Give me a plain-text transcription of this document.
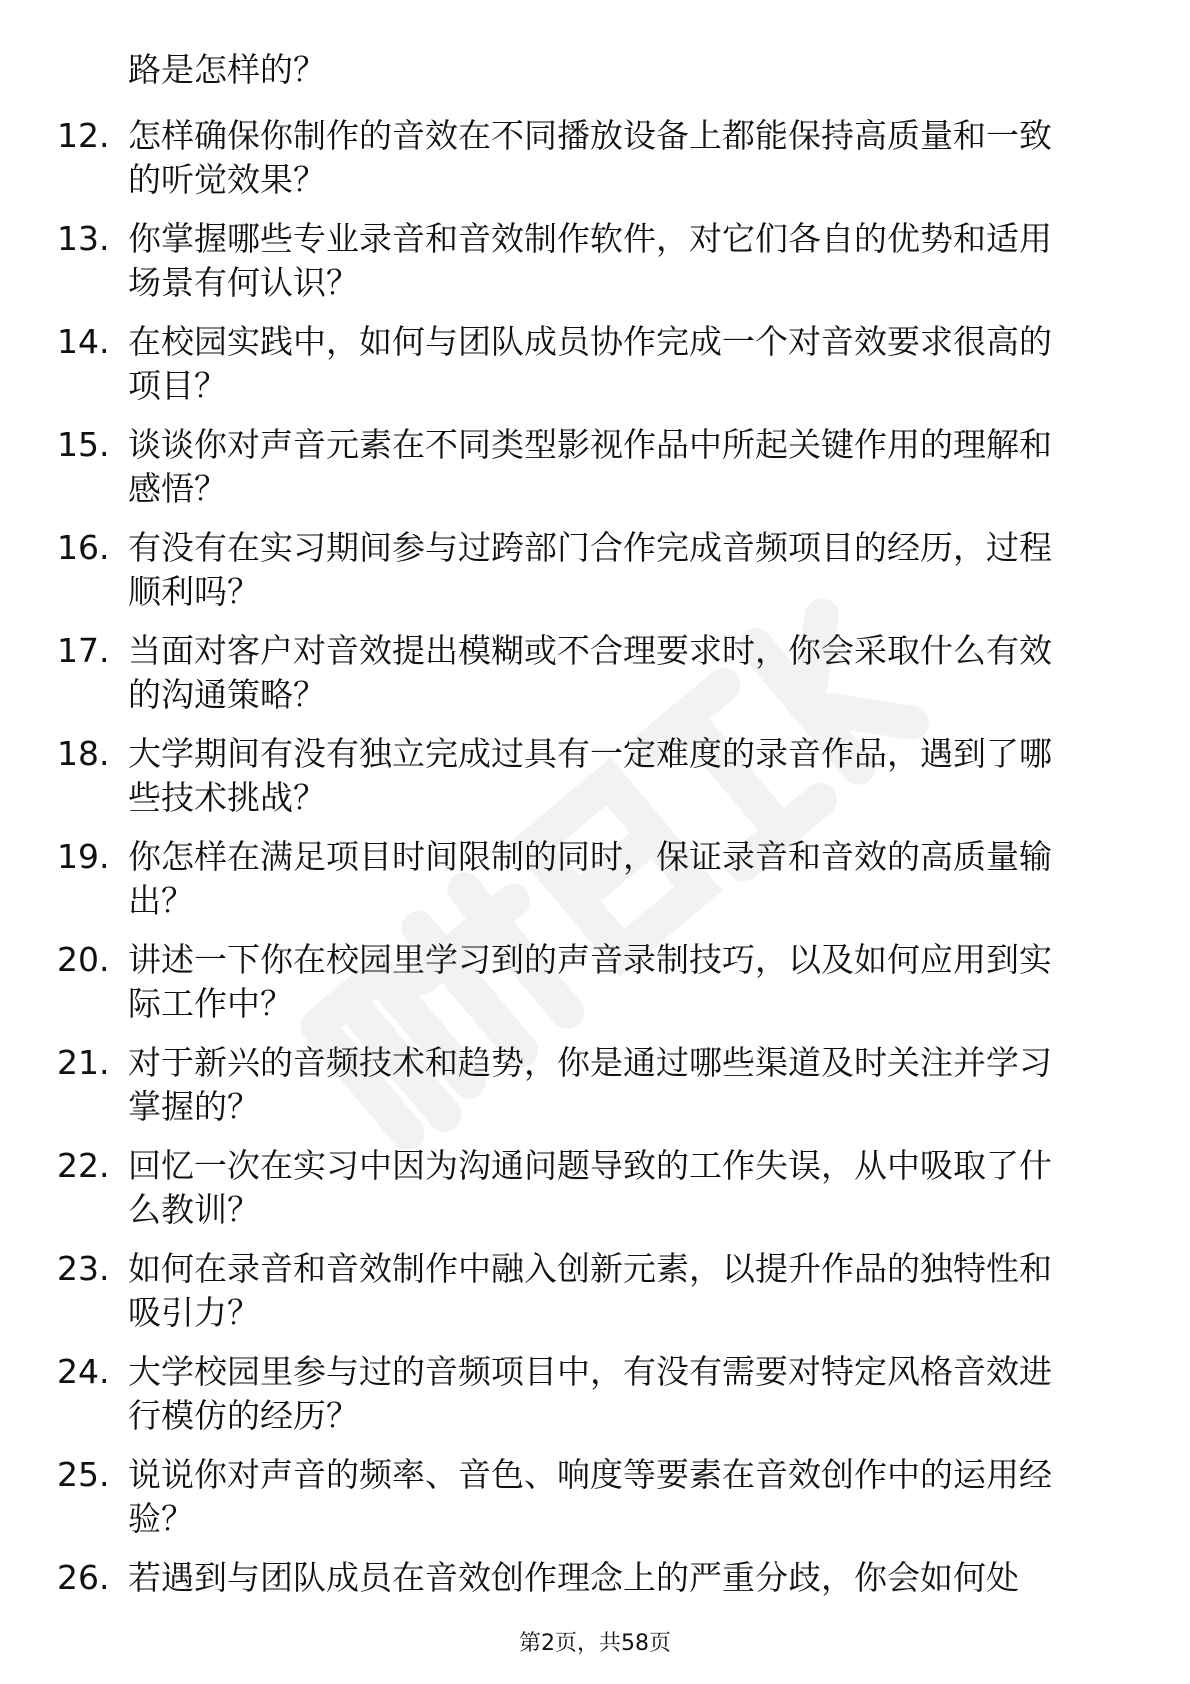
路是怎样的？
12. 怎样确保你制作的音效在不同播放设备上都能保持高质量和一致
的听觉效果？
13. 你掌握哪些专业录音和音效制作软件，对它们各自的优势和适用
场景有何认识？
14. 在校园实践中，如何与团队成员协作完成一个对音效要求很高的
项目？
15. 谈谈你对声音元素在不同类型影视作品中所起关键作用的理解和
感悟？
16. 有没有在实习期间参与过跨部门合作完成音频项目的经历，过程
顺利吗？
17. 当面对客户对音效提出模糊或不合理要求时，你会采取什么有效
的沟通策略？
18. 大学期间有没有独立完成过具有一定难度的录音作品，遇到了哪
些技术挑战？
19. 你怎样在满足项目时间限制的同时，保证录音和音效的高质量输
出？
20. 讲述一下你在校园里学习到的声音录制技巧，以及如何应用到实
际工作中？
21. 对于新兴的音频技术和趋势，你是通过哪些渠道及时关注并学习
掌握的？
22. 回忆一次在实习中因为沟通问题导致的工作失误，从中吸取了什
么教训？
23. 如何在录音和音效制作中融入创新元素，以提升作品的独特性和
吸引力？
24. 大学校园里参与过的音频项目中，有没有需要对特定风格音效进
行模仿的经历？
25. 说说你对声音的频率、音色、响度等要素在音效创作中的运用经
验？
26. 若遇到与团队成员在音效创作理念上的严重分歧，你会如何处
第2页，共58页
